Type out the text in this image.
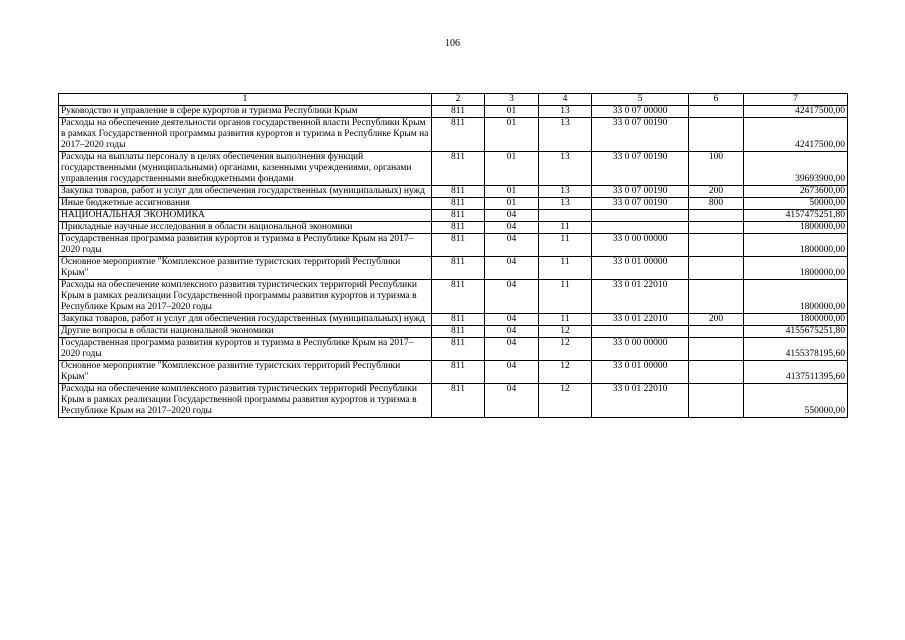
106
1	2	3	4	5	6	7
Руководство и управление в сфере курортов и туризма Республики Крым	811	01	13	33 0 07 00000		42417500,00
Расходы на обеспечение деятельности органов государственной власти Республики Крым в рамках Государственной программы развития курортов и туризма в Республике Крым на 2017–2020 годы	811	01	13	33 0 07 00190		42417500,00
Расходы на выплаты персоналу в целях обеспечения выполнения функций государственными (муниципальными) органами, казенными учреждениями, органами управления государственными внебюджетными фондами	811	01	13	33 0 07 00190	100	39693900,00
Закупка товаров, работ и услуг для обеспечения государственных (муниципальных) нужд	811	01	13	33 0 07 00190	200	2673600,00
Иные бюджетные ассигнования	811	01	13	33 0 07 00190	800	50000,00
НАЦИОНАЛЬНАЯ ЭКОНОМИКА	811	04				4157475251,80
Прикладные научные исследования в области национальной экономики	811	04	11			1800000,00
Государственная программа развития курортов и туризма в Республике Крым на 2017–2020 годы	811	04	11	33 0 00 00000		1800000,00
Основное мероприятие "Комплексное развитие туристских территорий Республики Крым"	811	04	11	33 0 01 00000		1800000,00
Расходы на обеспечение комплексного развития туристических территорий Республики Крым в рамках реализации Государственной программы развития курортов и туризма в Республике Крым на 2017–2020 годы	811	04	11	33 0 01 22010		1800000,00
Закупка товаров, работ и услуг для обеспечения государственных (муниципальных) нужд	811	04	11	33 0 01 22010	200	1800000,00
Другие вопросы в области национальной экономики	811	04	12			4155675251,80
Государственная программа развития курортов и туризма в Республике Крым на 2017–2020 годы	811	04	12	33 0 00 00000		4155378195,60
Основное мероприятие "Комплексное развитие туристских территорий Республики Крым"	811	04	12	33 0 01 00000		4137511395,60
Расходы на обеспечение комплексного развития туристических территорий Республики Крым в рамках реализации Государственной программы развития курортов и туризма в Республике Крым на 2017–2020 годы	811	04	12	33 0 01 22010		550000,00
